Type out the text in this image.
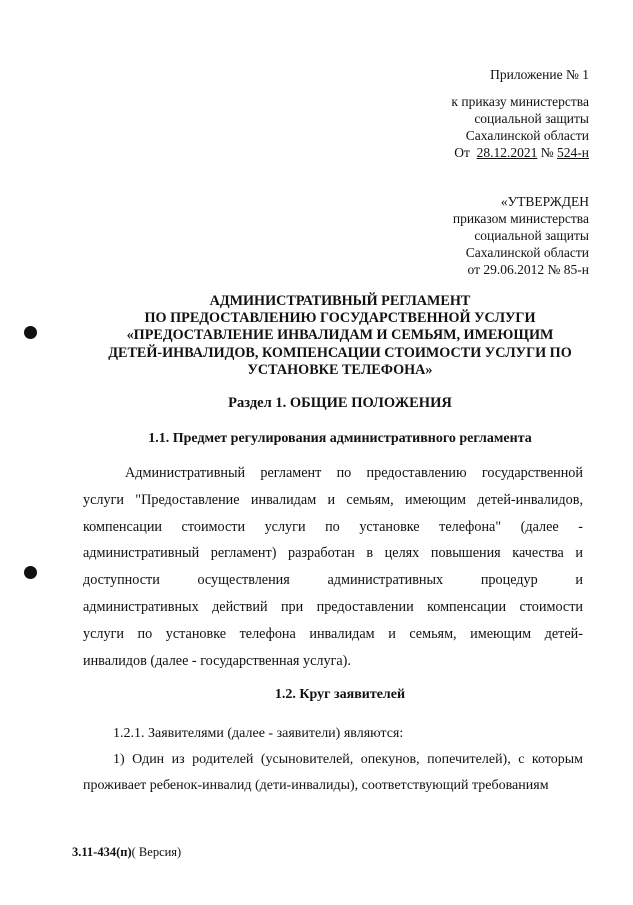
Приложение № 1
к приказу министерства
социальной защиты
Сахалинской области
От 28.12.2021 № 524-н
«УТВЕРЖДЕН
приказом министерства
социальной защиты
Сахалинской области
от 29.06.2012 № 85-н
АДМИНИСТРАТИВНЫЙ РЕГЛАМЕНТ
ПО ПРЕДОСТАВЛЕНИЮ ГОСУДАРСТВЕННОЙ УСЛУГИ
«ПРЕДОСТАВЛЕНИЕ ИНВАЛИДАМ И СЕМЬЯМ, ИМЕЮЩИМ
ДЕТЕЙ-ИНВАЛИДОВ, КОМПЕНСАЦИИ СТОИМОСТИ УСЛУГИ ПО
УСТАНОВКЕ ТЕЛЕФОНА»
Раздел 1. ОБЩИЕ ПОЛОЖЕНИЯ
1.1. Предмет регулирования административного регламента
Административный регламент по предоставлению государственной
услуги "Предоставление инвалидам и семьям, имеющим детей-инвалидов,
компенсации стоимости услуги по установке телефона" (далее -
административный регламент) разработан в целях повышения качества и
доступности осуществления административных процедур и
административных действий при предоставлении компенсации стоимости
услуги по установке телефона инвалидам и семьям, имеющим детей-
инвалидов (далее - государственная услуга).
1.2. Круг заявителей
1.2.1. Заявителями (далее - заявители) являются:
1) Один из родителей (усыновителей, опекунов, попечителей), с которым
проживает ребенок-инвалид (дети-инвалиды), соответствующий требованиям
3.11-434(п)( Версия)
